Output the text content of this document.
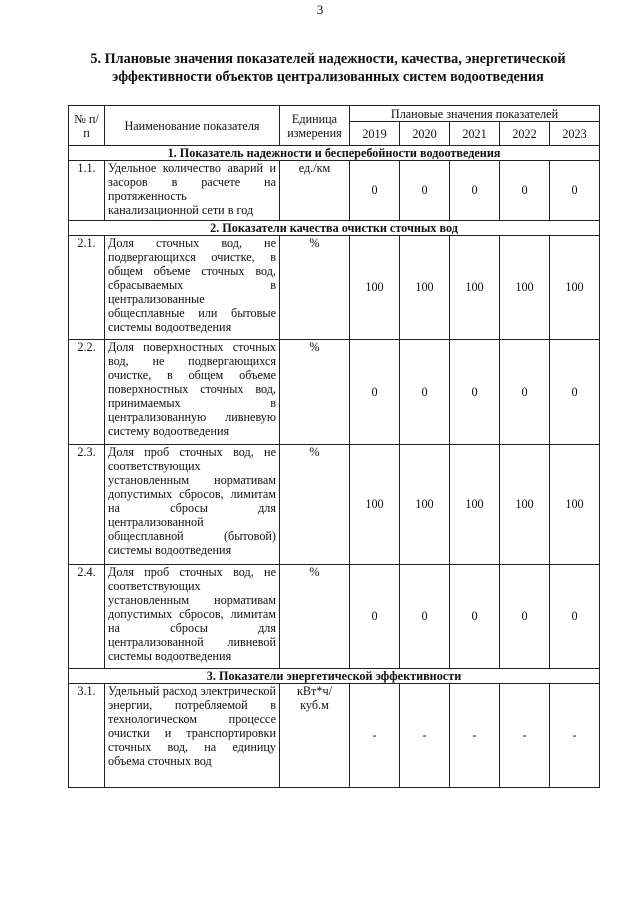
3
5. Плановые значения показателей надежности, качества, энергетической эффективности объектов централизованных систем водоотведения
№ п/п	Наименование показателя	Единица измерения	Плановые значения показателей				
			2019	2020	2021	2022	2023
1. Показатель надежности и бесперебойности водоотведения							
1.1.	Удельное количество аварий и засоров в расчете на протяженность канализационной сети в год	ед./км	0	0	0	0	0
2. Показатели качества очистки сточных вод							
2.1.	Доля сточных вод, не подвергающихся очистке, в общем объеме сточных вод, сбрасываемых в централизованные общесплавные или бытовые системы водоотведения	%	100	100	100	100	100
2.2.	Доля поверхностных сточных вод, не подвергающихся очистке, в общем объеме поверхностных сточных вод, принимаемых в централизованную ливневую систему водоотведения	%	0	0	0	0	0
2.3.	Доля проб сточных вод, не соответствующих установленным нормативам допустимых сбросов, лимитам на сбросы для централизованной общесплавной (бытовой) системы водоотведения	%	100	100	100	100	100
2.4.	Доля проб сточных вод, не соответствующих установленным нормативам допустимых сбросов, лимитам на сбросы для централизованной ливневой системы водоотведения	%	0	0	0	0	0
3. Показатели энергетической эффективности							
3.1.	Удельный расход электрической энергии, потребляемой в технологическом процессе очистки и транспортировки сточных вод, на единицу объема сточных вод	кВт*ч/ куб.м	-	-	-	-	-
